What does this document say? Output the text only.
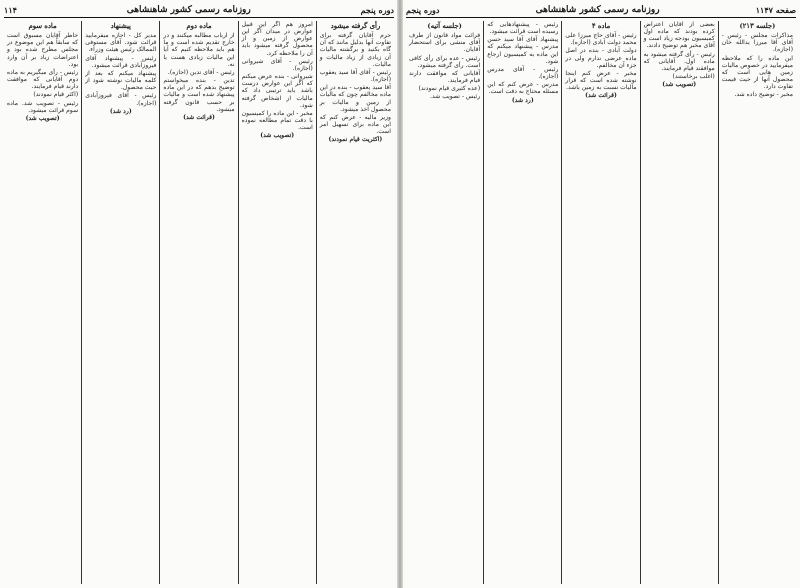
دوره پنجم
روزنامه رسمی کشور شاهنشاهی
۱۱۴
رأی گرفته میشود

حرم آقایان گرفته برای تفاوت آنها بدلیل مانند که آن گاه بکنید و برگشته مالیات آن زیادی از زیاد مالیات و مالیات.

رئیس - آقای آقا سید یعقوب (اجازه).

آقا سید یعقوب - بنده در این ماده مخالفم چون که مالیات از زمین و مالیات بر محصول اخذ میشود.

وزیر مالیه - عرض کنم که این ماده برای تسهیل امر است.

(اکثریت قیام نمودند)

امروز هم اگر این قبیل عوارض در میدان اگر این عوارض از زمین و از محصول گرفته میشود باید آن را ملاحظه کرد.

رئیس - آقای شیروانی (اجازه).

شیروانی - بنده عرض میکنم که اگر این عوارض درست باشد باید ترتیبی داد که مالیات از اشخاص گرفته شود.

مخبر - این ماده را کمیسیون با دقت تمام مطالعه نموده است.

(تصویب شد)
ماده دوم

از ارباب مطالبه میکنند و در خارج تقدیم شده است و ما هم باید ملاحظه کنیم که آیا این مالیات زیادی هست یا نه.

رئیس - آقای تدین (اجازه).

تدین - بنده میخواستم توضیح بدهم که در این ماده پیشنهاد شده است و مالیات بر حسب قانون گرفته میشود.

(قرائت شد)
پیشنهاد

مدیر کل - اجازه میفرمایید قرائت شود. آقای مستوفی الممالک رئیس هیئت وزراء.

رئیس - پیشنهاد آقای فیروزآبادی قرائت میشود.

پیشنهاد میکنم که بعد از کلمه مالیات نوشته شود از حیث محصول.

رئیس - آقای فیروزآبادی (اجازه).

(رد شد)
ماده سوم

خاطر آقایان مسبوق است که سابقاً هم این موضوع در مجلس مطرح شده بود و اعتراضات زیاد بر آن وارد بود.

رئیس - رأی میگیریم به ماده دوم آقایانی که موافقت دارند قیام فرمایند.

(اکثر قیام نمودند)

رئیس - تصویب شد. ماده سوم قرائت میشود.

(تصویب شد)
صفحه ۱۱۴۷
روزنامه رسمی کشور شاهنشاهی
دوره پنجم
(جلسه ۲۱۳)

مذاکرات مجلس - رئیس - آقای آقا میرزا یدالله خان (اجازه).

این ماده را که ملاحظه میفرمایید در خصوص مالیات زمین هایی است که محصول آنها از حیث قیمت تفاوت دارد.

مخبر - توضیح داده شد.

بعضی از آقایان اعتراض کرده بودند که ماده اول کمیسیون بودجه زیاد است و آقای مخبر هم توضیح دادند.

رئیس - رأی گرفته میشود به ماده اول. آقایانی که موافقند قیام فرمایند.

(اغلب برخاستند)

(تصویب شد)
ماده ۴

رئیس - آقای حاج میرزا علی محمد دولت آبادی (اجازه).

دولت آبادی - بنده در اصل ماده عرضی ندارم ولی در جزء آن مخالفم.

مخبر - عرض کنم اینجا نوشته شده است که قرار مالیات نسبت به زمین باشد.

(قرائت شد)

رئیس - پیشنهادهایی که رسیده است قرائت میشود.

پیشنهاد آقای آقا سید حسن مدرس - پیشنهاد میکنم که این ماده به کمیسیون ارجاع شود.

رئیس - آقای مدرس (اجازه).

مدرس - عرض کنم که این مسئله محتاج به دقت است.

(رد شد)
(جلسه آتیه)

قرائت مواد قانون از طرف آقای منشی برای استحضار آقایان.

رئیس - عده برای رأی کافی است. رأی گرفته میشود.

آقایانی که موافقت دارند قیام فرمایند.

(عده کثیری قیام نمودند)

رئیس - تصویب شد.
